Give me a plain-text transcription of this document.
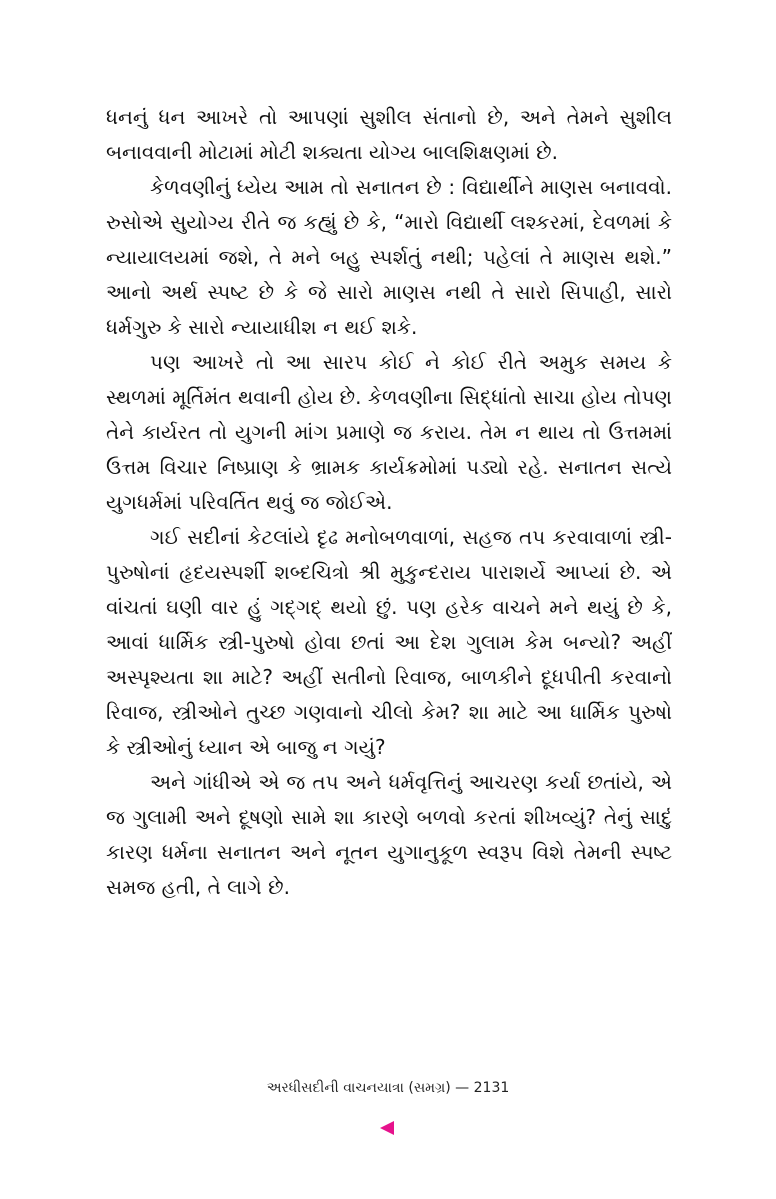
ધનનું ધન આખરે તો આપણાં સુશીલ સંતાનો છે, અને તેમને સુશીલ બનાવવાની મોટામાં મોટી શક્યતા યોગ્ય બાલશિક્ષણમાં છે.

કેળવણીનું ધ્યેય આમ તો સનાતન છે : વિદ્યાર્થીને માણસ બનાવવો. રુસોએ સુયોગ્ય રીતે જ કહ્યું છે કે, “મારો વિદ્યાર્થી લશ્કરમાં, દેવળમાં કે ન્યાયાલયમાં જશે, તે મને બહુ સ્પર્શતું નથી; પહેલાં તે માણસ થશે.” આનો અર્થ સ્પષ્ટ છે કે જે સારો માણસ નથી તે સારો સિપાહી, સારો ધર્મગુરુ કે સારો ન્યાયાધીશ ન થઈ શકે.

પણ આખરે તો આ સારપ કોઈ ને કોઈ રીતે અમુક સમય કે સ્થળમાં મૂર્તિમંત થવાની હોય છે. કેળવણીના સિદ્ધાંતો સાચા હોય તોપણ તેને કાર્યરત તો યુગની માંગ પ્રમાણે જ કરાય. તેમ ન થાય તો ઉત્તમમાં ઉત્તમ વિચાર નિષ્પ્રાણ કે ભ્રામક કાર્યક્રમોમાં પડ્યો રહે. સનાતન સત્યે યુગધર્મમાં પરિવર્તિત થવું જ જોઈએ.

ગઈ સદીનાં કેટલાંયે દૃઢ મનોબળવાળાં, સહજ તપ કરવાવાળાં સ્ત્રી-પુરુષોનાં હૃદયસ્પર્શી શબ્દચિત્રો શ્રી મુકુન્દરાય પારાશર્યે આપ્યાં છે. એ વાંચતાં ઘણી વાર હું ગદ્ગદ્ થયો છું. પણ હરેક વાચને મને થયું છે કે, આવાં ધાર્મિક સ્ત્રી-પુરુષો હોવા છતાં આ દેશ ગુલામ કેમ બન્યો? અહીં અસ્પૃશ્યતા શા માટે? અહીં સતીનો રિવાજ, બાળકીને દૂધપીતી કરવાનો રિવાજ, સ્ત્રીઓને તુચ્છ ગણવાનો ચીલો કેમ? શા માટે આ ધાર્મિક પુરુષો કે સ્ત્રીઓનું ધ્યાન એ બાજુ ન ગયું?

અને ગાંધીએ એ જ તપ અને ધર્મવૃત્તિનું આચરણ કર્યા છતાંયે, એ જ ગુલામી અને દૂષણો સામે શા કારણે બળવો કરતાં શીખવ્યું? તેનું સાદું કારણ ધર્મના સનાતન અને નૂતન યુગાનુકૂળ સ્વરૂપ વિશે તેમની સ્પષ્ટ સમજ હતી, તે લાગે છે.

અરધીસદીની વાચનયાત્રા (સમગ્ર) — 2131
